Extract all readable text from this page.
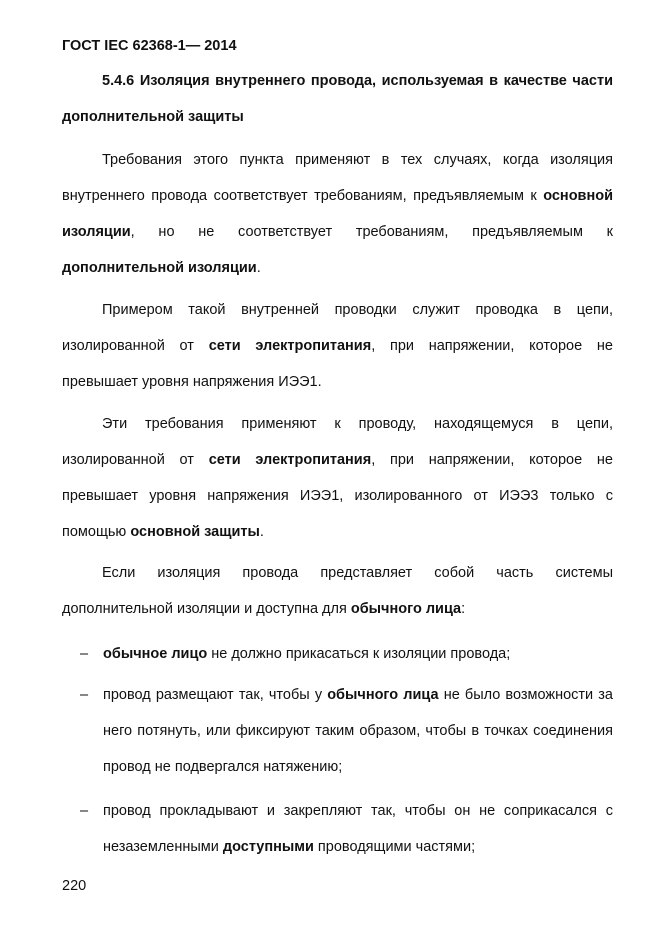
ГОСТ IEC 62368-1— 2014
5.4.6 Изоляция внутреннего провода, используемая в качестве части дополнительной защиты
Требования этого пункта применяют в тех случаях, когда изоляция внутреннего провода соответствует требованиям, предъявляемым к основной изоляции, но не соответствует требованиям, предъявляемым к дополнительной изоляции.
Примером такой внутренней проводки служит проводка в цепи, изолированной от сети электропитания, при напряжении, которое не превышает уровня напряжения ИЭЭ1.
Эти требования применяют к проводу, находящемуся в цепи, изолированной от сети электропитания, при напряжении, которое не превышает уровня напряжения ИЭЭ1, изолированного от ИЭЭ3 только с помощью основной защиты.
Если изоляция провода представляет собой часть системы дополнительной изоляции и доступна для обычного лица:
– обычное лицо не должно прикасаться к изоляции провода;
– провод размещают так, чтобы у обычного лица не было возможности за него потянуть, или фиксируют таким образом, чтобы в точках соединения провод не подвергался натяжению;
– провод прокладывают и закрепляют так, чтобы он не соприкасался с незаземленными доступными проводящими частями;
220
